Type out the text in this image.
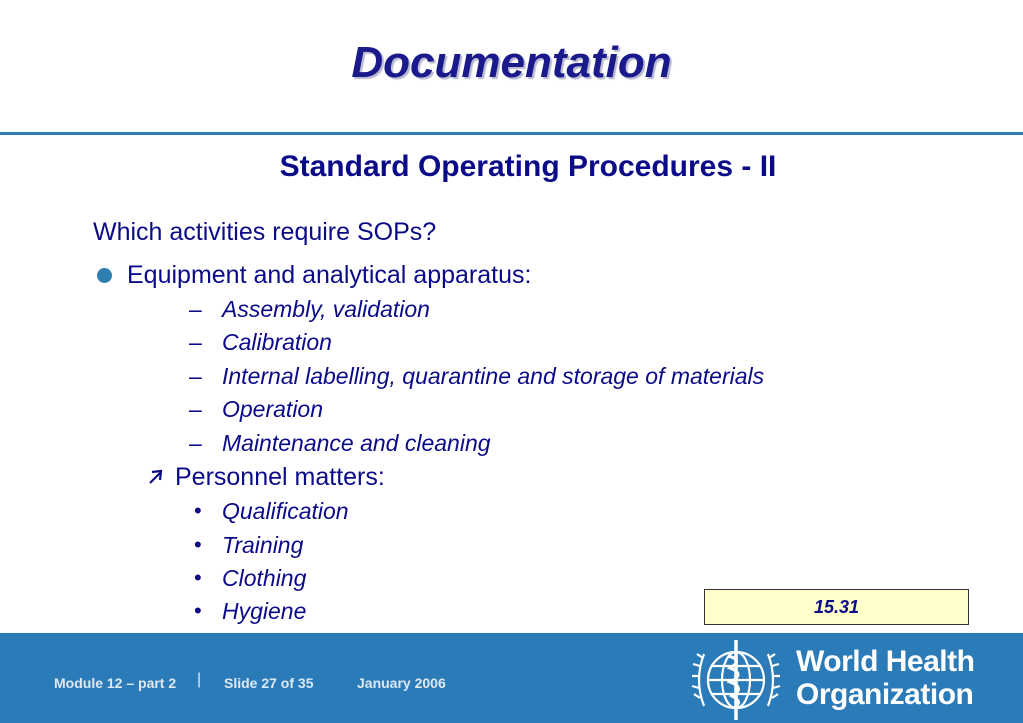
Documentation
Standard Operating Procedures - II
Which activities require SOPs?
Equipment and analytical apparatus:
– Assembly, validation
– Calibration
– Internal labelling, quarantine and storage of materials
– Operation
– Maintenance and cleaning
Personnel matters:
• Qualification
• Training
• Clothing
• Hygiene	15.31
Module 12 – part 2 | Slide 27 of 35	January 2006
World Health
Organization
